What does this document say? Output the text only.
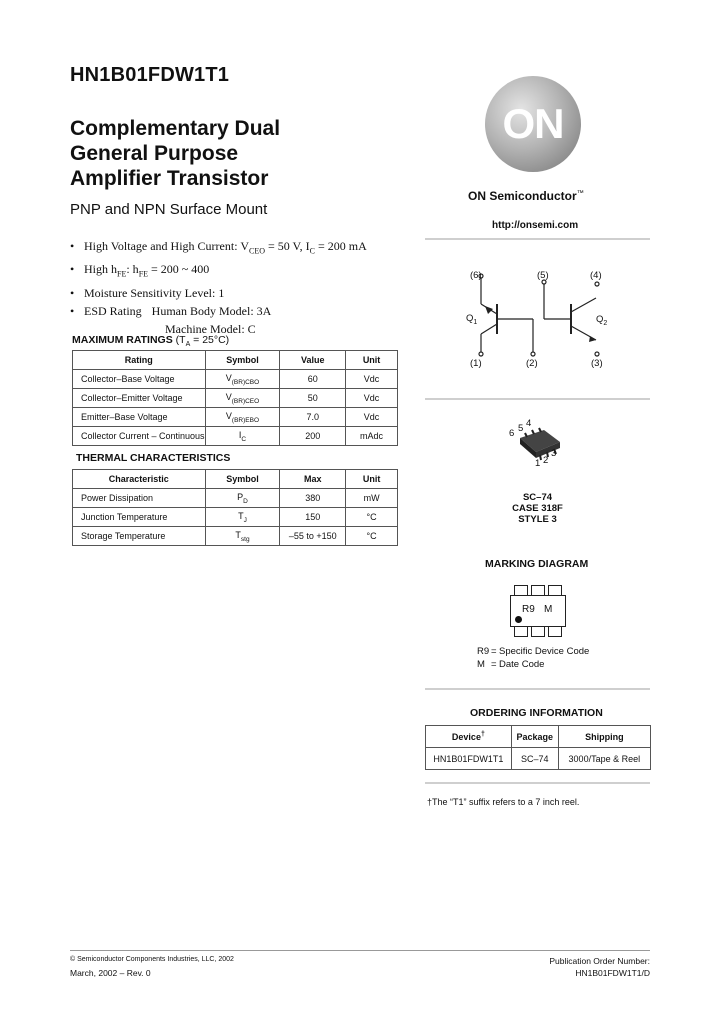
HN1B01FDW1T1
Complementary Dual
General Purpose
Amplifier Transistor
PNP and NPN Surface Mount
• High Voltage and High Current: $V_{CEO} = 50$ V, $I_C = 200$ mA
• High $h_{FE}$: $h_{FE} = 200$ ~ 400
• Moisture Sensitivity Level: 1
• ESD Rating Human Body Model: 3A
Machine Model: C
MAXIMUM RATINGS $(T_A = 25^\circ C)$
Rating	Symbol	Value	Unit
Collector–Base Voltage	$V_{(BR)CBO}$	60	Vdc
Collector–Emitter Voltage	$V_{(BR)CEO}$	50	Vdc
Emitter–Base Voltage	$V_{(BR)EBO}$	7.0	Vdc
Collector Current – Continuous	$I_C$	200	mAdc
THERMAL CHARACTERISTICS
Characteristic	Symbol	Max	Unit
Power Dissipation	$P_D$	380	mW
Junction Temperature	$T_J$	150	°C
Storage Temperature	$T_{stg}$	–55 to +150	°C
ON
ON Semiconductor™
http://onsemi.com
(6)	(5)	(4)
(1)	(2)	(3)
$Q_1$	$Q_2$
6 5 4
1 2
3
SC–74
CASE 318F
STYLE 3
MARKING DIAGRAM
R9 M
R9 = Specific Device Code
M = Date Code
ORDERING INFORMATION
Device†	Package	Shipping
HN1B01FDW1T1	SC–74	3000/Tape & Reel
†The “T1” suffix refers to a 7 inch reel.
© Semiconductor Components Industries, LLC, 2002
March, 2002 – Rev. 0
Publication Order Number:
HN1B01FDW1T1/D
